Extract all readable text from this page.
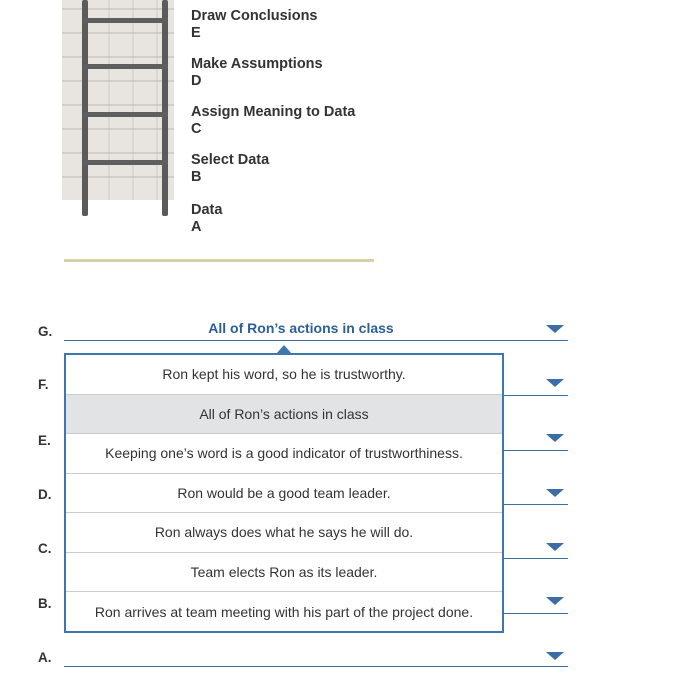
Draw Conclusions
E
Make Assumptions
D
Assign Meaning to Data
C
Select Data
B
Data
A
G.	All of Ron’s actions in class
F.
E.
D.
C.
B.
A.
Ron kept his word, so he is trustworthy.
All of Ron’s actions in class
Keeping one’s word is a good indicator of trustworthiness.
Ron would be a good team leader.
Ron always does what he says he will do.
Team elects Ron as its leader.
Ron arrives at team meeting with his part of the project done.
